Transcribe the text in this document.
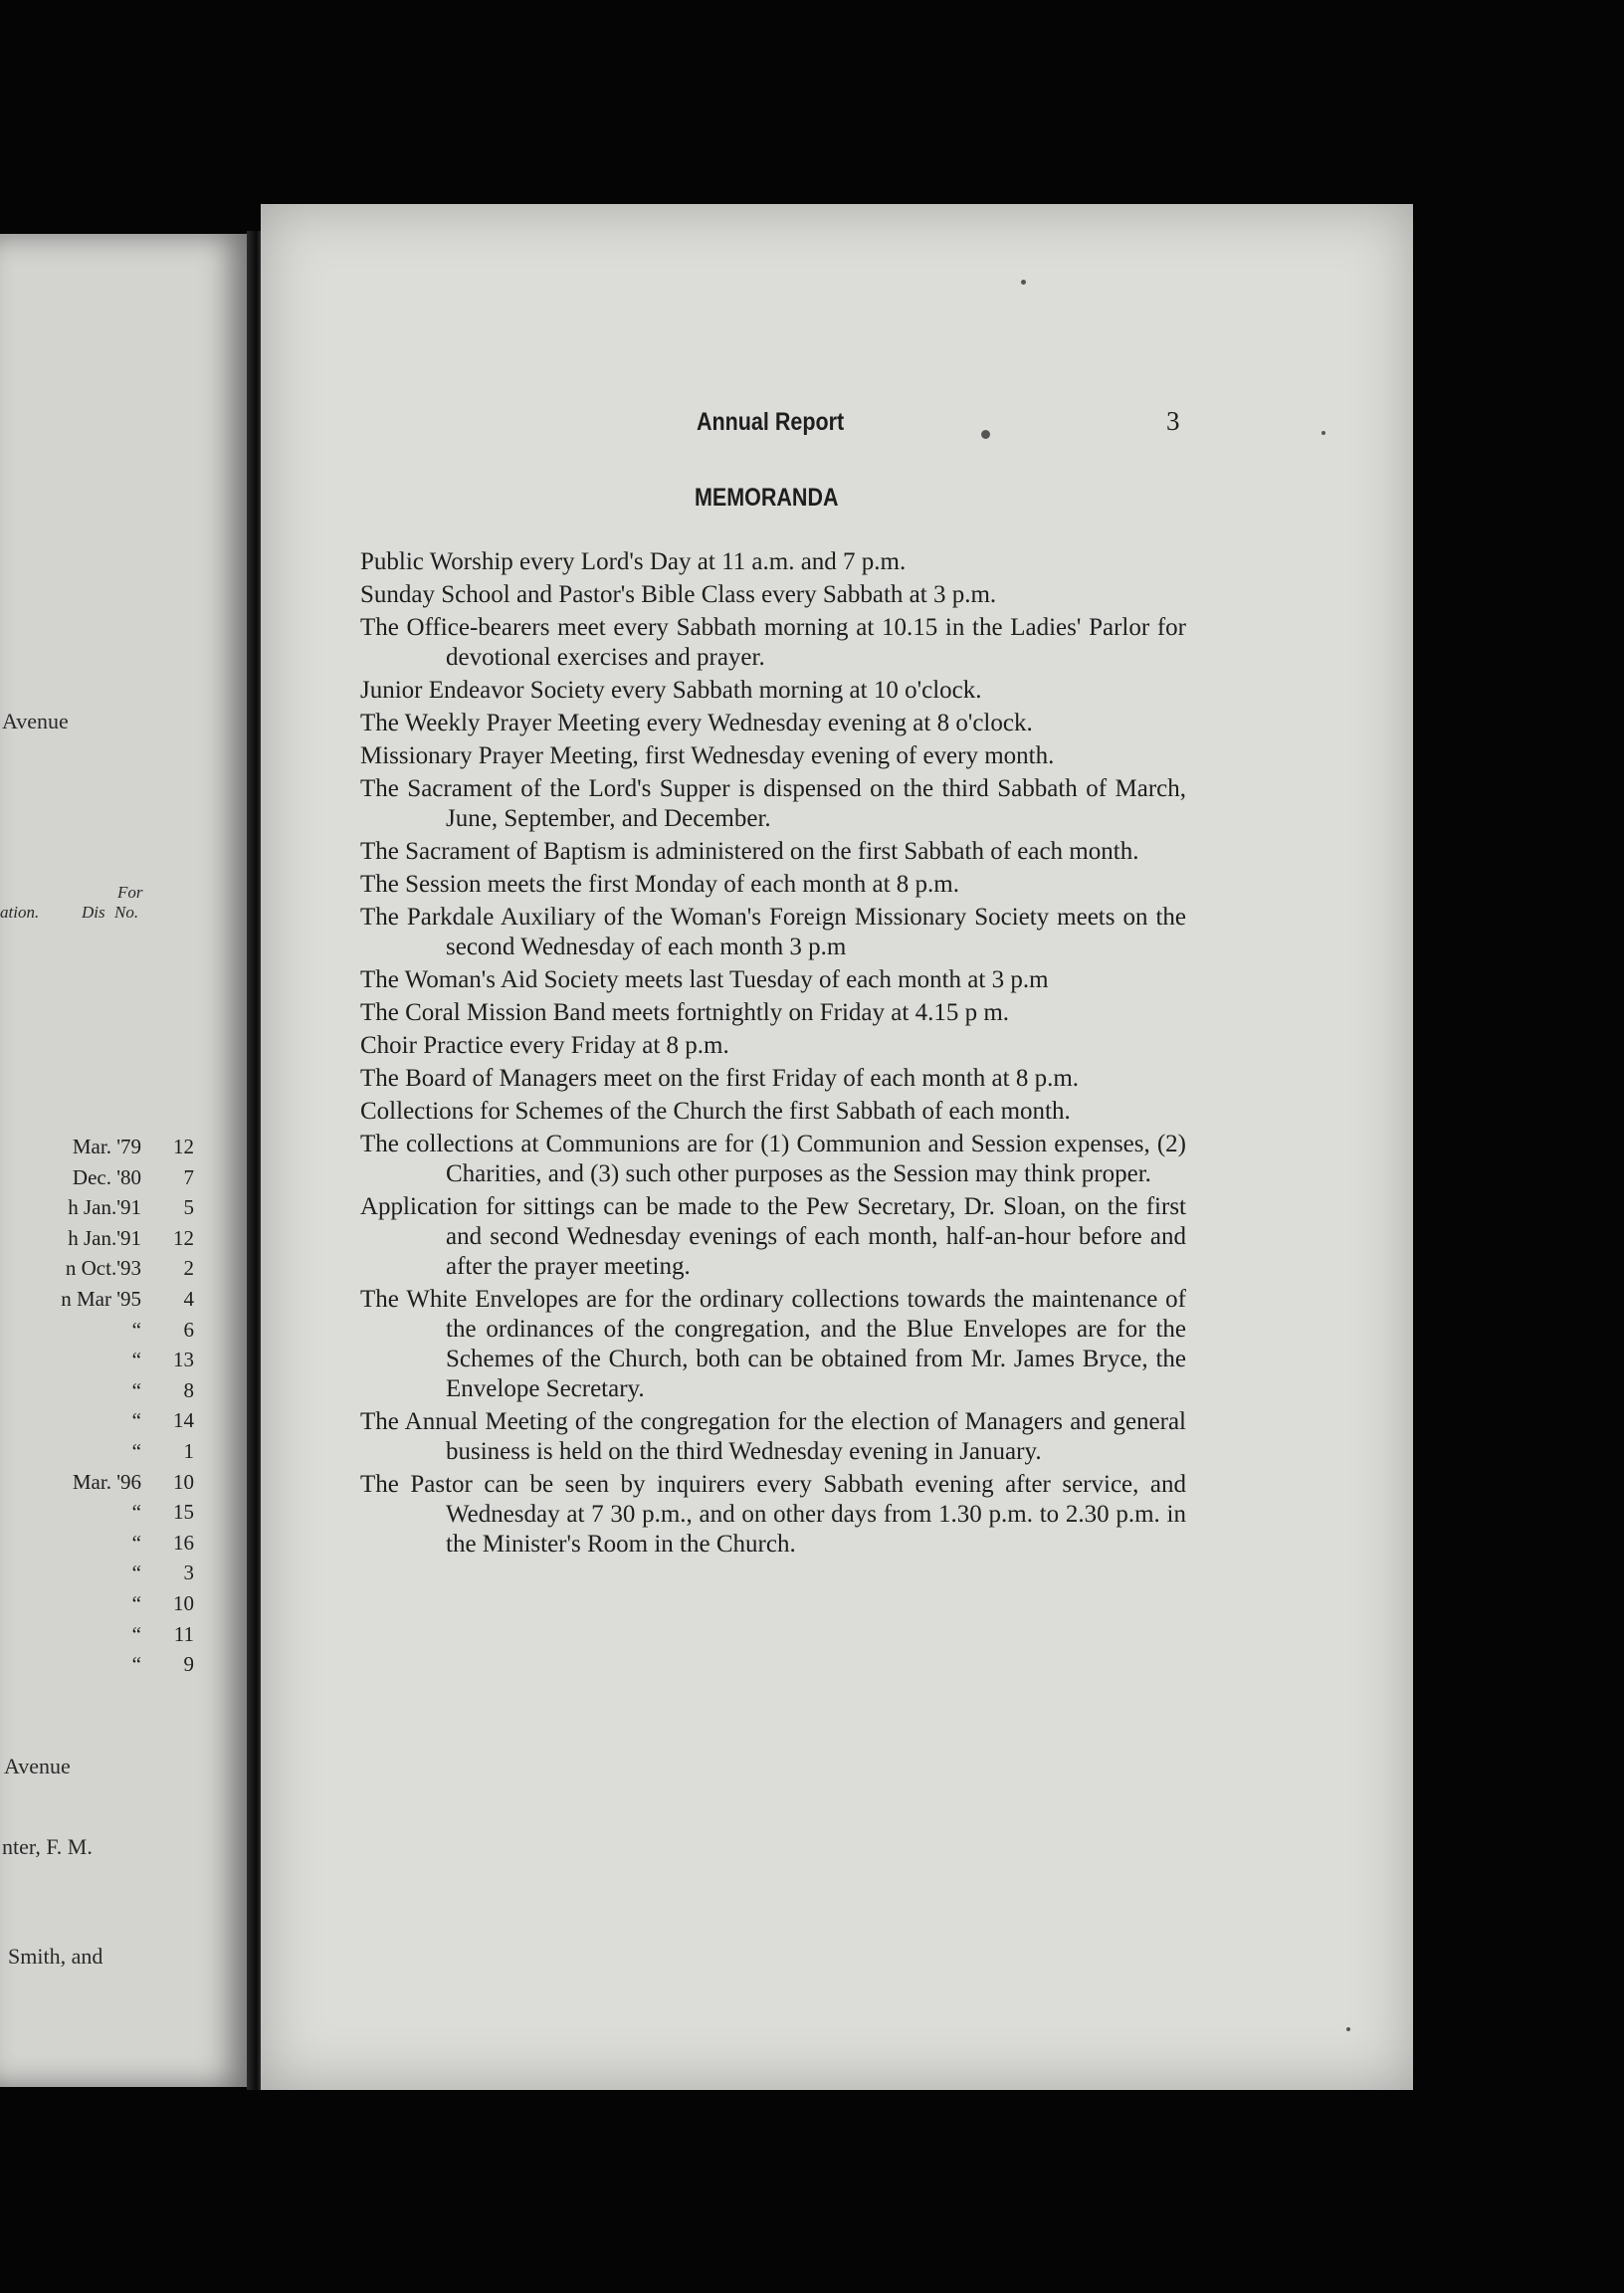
Avenue
For
ation.	Dis No.
Mar. '79	12
Dec. '80	7
h Jan.'91	5
h Jan.'91	12
n Oct.'93	2
n Mar '95	4
“	6
“	13
“	8
“	14
“	1
Mar. '96	10
“	15
“	16
“	3
“	10
“	11
“	9
Avenue
nter, F. M.
Smith, and
Annual Report	3
MEMORANDA

Public Worship every Lord's Day at 11 a.m. and 7 p.m.

Sunday School and Pastor's Bible Class every Sabbath at 3 p.m.

The Office-bearers meet every Sabbath morning at 10.15 in the Ladies' Parlor for devotional exercises and prayer.

Junior Endeavor Society every Sabbath morning at 10 o'clock.

The Weekly Prayer Meeting every Wednesday evening at 8 o'clock.

Missionary Prayer Meeting, first Wednesday evening of every month.

The Sacrament of the Lord's Supper is dispensed on the third Sabbath of March, June, September, and December.

The Sacrament of Baptism is administered on the first Sabbath of each month.

The Session meets the first Monday of each month at 8 p.m.

The Parkdale Auxiliary of the Woman's Foreign Missionary Society meets on the second Wednesday of each month 3 p.m

The Woman's Aid Society meets last Tuesday of each month at 3 p.m

The Coral Mission Band meets fortnightly on Friday at 4.15 p m.

Choir Practice every Friday at 8 p.m.

The Board of Managers meet on the first Friday of each month at 8 p.m.

Collections for Schemes of the Church the first Sabbath of each month.

The collections at Communions are for (1) Communion and Session expenses, (2) Charities, and (3) such other purposes as the Session may think proper.

Application for sittings can be made to the Pew Secretary, Dr. Sloan, on the first and second Wednesday evenings of each month, half-an-hour before and after the prayer meeting.

The White Envelopes are for the ordinary collections towards the maintenance of the ordinances of the congregation, and the Blue Envelopes are for the Schemes of the Church, both can be obtained from Mr. James Bryce, the Envelope Secretary.

The Annual Meeting of the congregation for the election of Managers and general business is held on the third Wednesday evening in January.

The Pastor can be seen by inquirers every Sabbath evening after service, and Wednesday at 7 30 p.m., and on other days from 1.30 p.m. to 2.30 p.m. in the Minister's Room in the Church.
